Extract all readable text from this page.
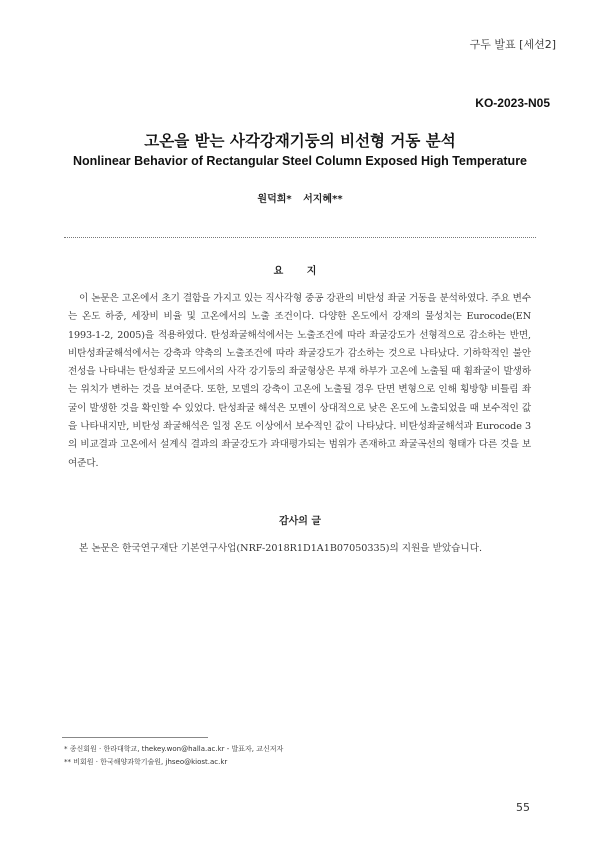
구두 발표 [세션2]
KO-2023-N05
고온을 받는 사각강재기둥의 비선형 거동 분석
Nonlinear Behavior of Rectangular Steel Column Exposed High Temperature
원덕희* 서지혜**
요 지
이 논문은 고온에서 초기 결함을 가지고 있는 직사각형 중공 강관의 비탄성 좌굴 거동을 분석하였다. 주요 변수는 온도 하중, 세장비 비율 및 고온에서의 노출 조건이다. 다양한 온도에서 강재의 물성치는 Eurocode(EN 1993-1-2, 2005)을 적용하였다. 탄성좌굴해석에서는 노출조건에 따라 좌굴강도가 선형적으로 감소하는 반면, 비탄성좌굴해석에서는 강축과 약축의 노출조건에 따라 좌굴강도가 감소하는 것으로 나타났다. 기하학적인 불안전성을 나타내는 탄성좌굴 모드에서의 사각 강기둥의 좌굴형상은 부재 하부가 고온에 노출될 때 휨좌굴이 발생하는 위치가 변하는 것을 보여준다. 또한, 모델의 강축이 고온에 노출될 경우 단면 변형으로 인해 횡방향 비틀림 좌굴이 발생한 것을 확인할 수 있었다. 탄성좌굴 해석은 모멘이 상대적으로 낮은 온도에 노출되었을 때 보수적인 값을 나타내지만, 비탄성 좌굴해석은 일정 온도 이상에서 보수적인 값이 나타났다. 비탄성좌굴해석과 Eurocode 3의 비교결과 고온에서 설계식 결과의 좌굴강도가 과대평가되는 범위가 존재하고 좌굴곡선의 형태가 다른 것을 보여준다.
감사의 글
본 논문은 한국연구재단 기본연구사업(NRF-2018R1D1A1B07050335)의 지원을 받았습니다.
* 종신회원 · 한라대학교, thekey.won@halla.ac.kr - 발표자, 교신저자
** 비회원 · 한국해양과학기술원, jhseo@kiost.ac.kr
55
